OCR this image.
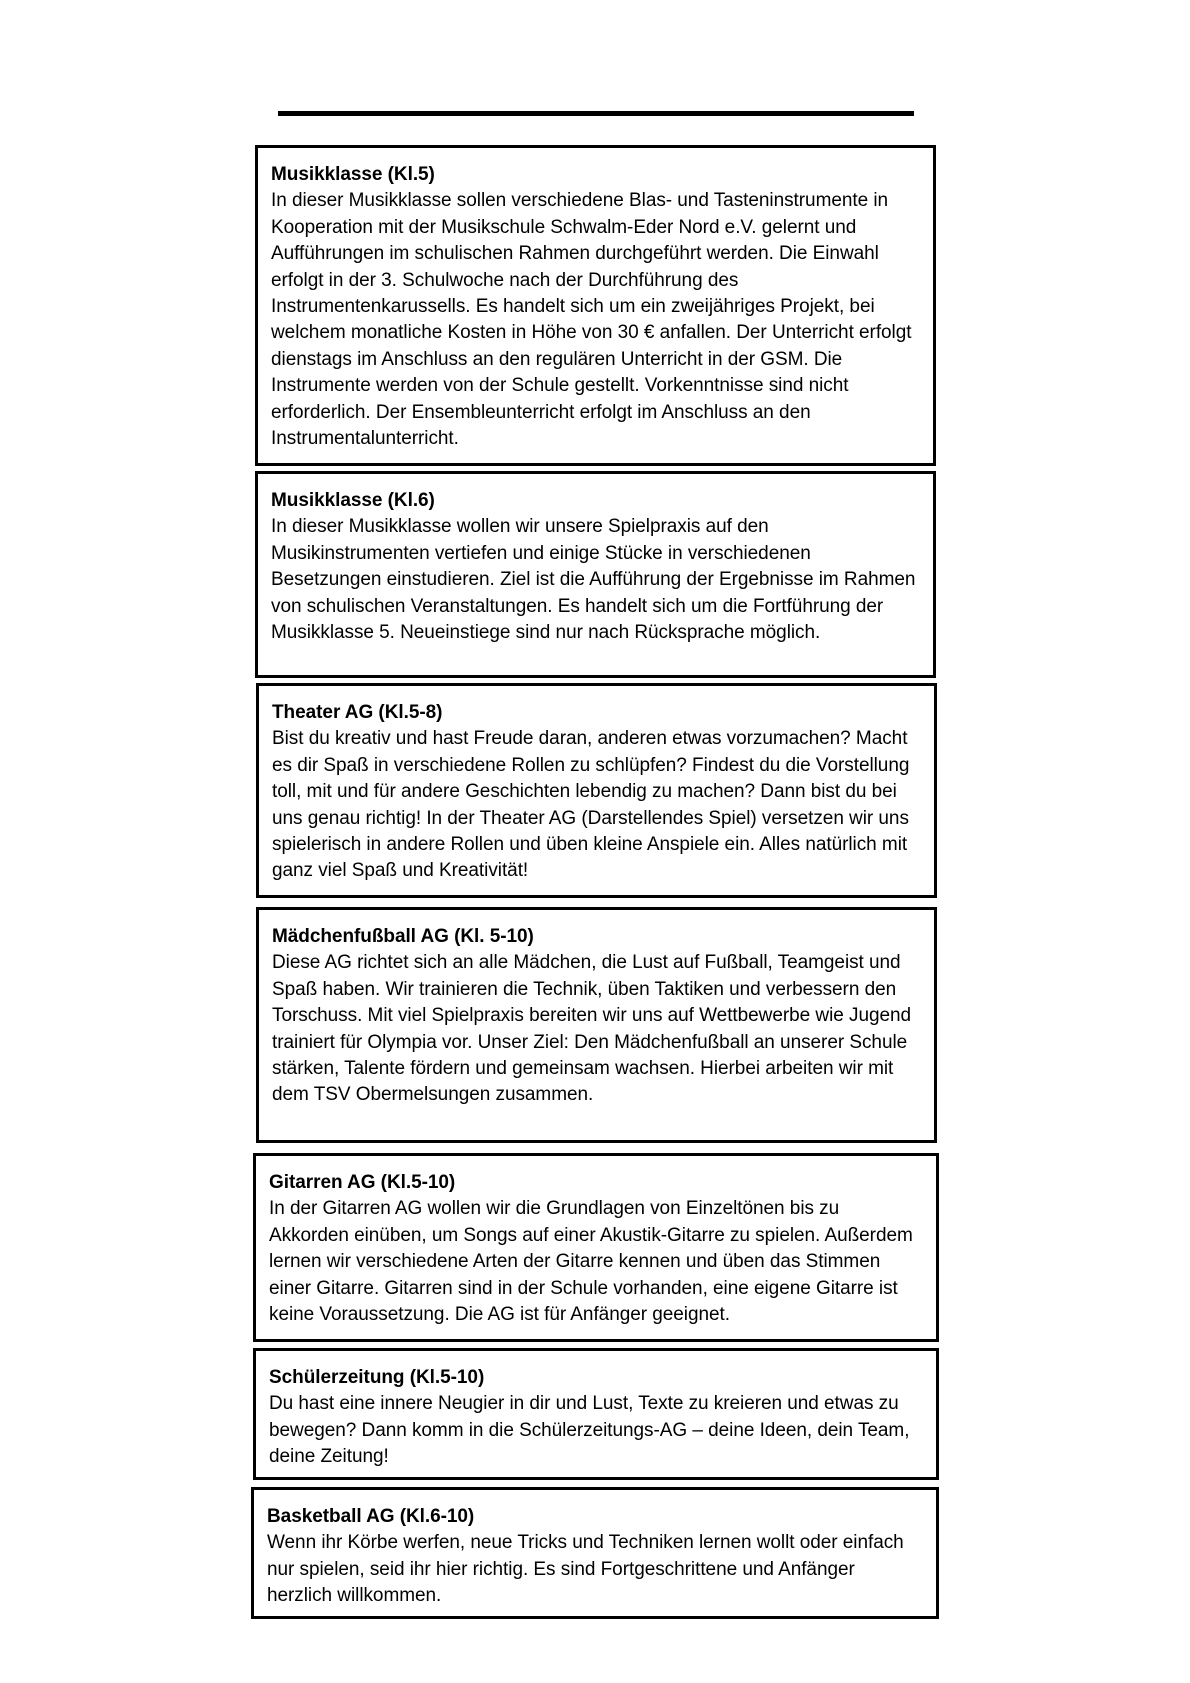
Musikklasse (Kl.5)
In dieser Musikklasse sollen verschiedene Blas- und Tasteninstrumente in Kooperation mit der Musikschule Schwalm-Eder Nord e.V. gelernt und Aufführungen im schulischen Rahmen durchgeführt werden. Die Einwahl erfolgt in der 3. Schulwoche nach der Durchführung des Instrumentenkarussells. Es handelt sich um ein zweijähriges Projekt, bei welchem monatliche Kosten in Höhe von 30 € anfallen. Der Unterricht erfolgt dienstags im Anschluss an den regulären Unterricht in der GSM. Die Instrumente werden von der Schule gestellt. Vorkenntnisse sind nicht erforderlich. Der Ensembleunterricht erfolgt im Anschluss an den Instrumentalunterricht.
Musikklasse (Kl.6)
In dieser Musikklasse wollen wir unsere Spielpraxis auf den Musikinstrumenten vertiefen und einige Stücke in verschiedenen Besetzungen einstudieren. Ziel ist die Aufführung der Ergebnisse im Rahmen von schulischen Veranstaltungen. Es handelt sich um die Fortführung der Musikklasse 5. Neueinstiege sind nur nach Rücksprache möglich.
Theater AG (Kl.5-8)
Bist du kreativ und hast Freude daran, anderen etwas vorzumachen? Macht es dir Spaß in verschiedene Rollen zu schlüpfen? Findest du die Vorstellung toll, mit und für andere Geschichten lebendig zu machen? Dann bist du bei uns genau richtig! In der Theater AG (Darstellendes Spiel) versetzen wir uns spielerisch in andere Rollen und üben kleine Anspiele ein. Alles natürlich mit ganz viel Spaß und Kreativität!
Mädchenfußball AG (Kl. 5-10)
Diese AG richtet sich an alle Mädchen, die Lust auf Fußball, Teamgeist und Spaß haben. Wir trainieren die Technik, üben Taktiken und verbessern den Torschuss. Mit viel Spielpraxis bereiten wir uns auf Wettbewerbe wie Jugend trainiert für Olympia vor. Unser Ziel: Den Mädchenfußball an unserer Schule stärken, Talente fördern und gemeinsam wachsen. Hierbei arbeiten wir mit dem TSV Obermelsungen zusammen.
Gitarren AG (Kl.5-10)
In der Gitarren AG wollen wir die Grundlagen von Einzeltönen bis zu Akkorden einüben, um Songs auf einer Akustik-Gitarre zu spielen. Außerdem lernen wir verschiedene Arten der Gitarre kennen und üben das Stimmen einer Gitarre. Gitarren sind in der Schule vorhanden, eine eigene Gitarre ist keine Voraussetzung. Die AG ist für Anfänger geeignet.
Schülerzeitung (Kl.5-10)
Du hast eine innere Neugier in dir und Lust, Texte zu kreieren und etwas zu bewegen? Dann komm in die Schülerzeitungs-AG – deine Ideen, dein Team, deine Zeitung!
Basketball AG (Kl.6-10)
Wenn ihr Körbe werfen, neue Tricks und Techniken lernen wollt oder einfach nur spielen, seid ihr hier richtig. Es sind Fortgeschrittene und Anfänger herzlich willkommen.
